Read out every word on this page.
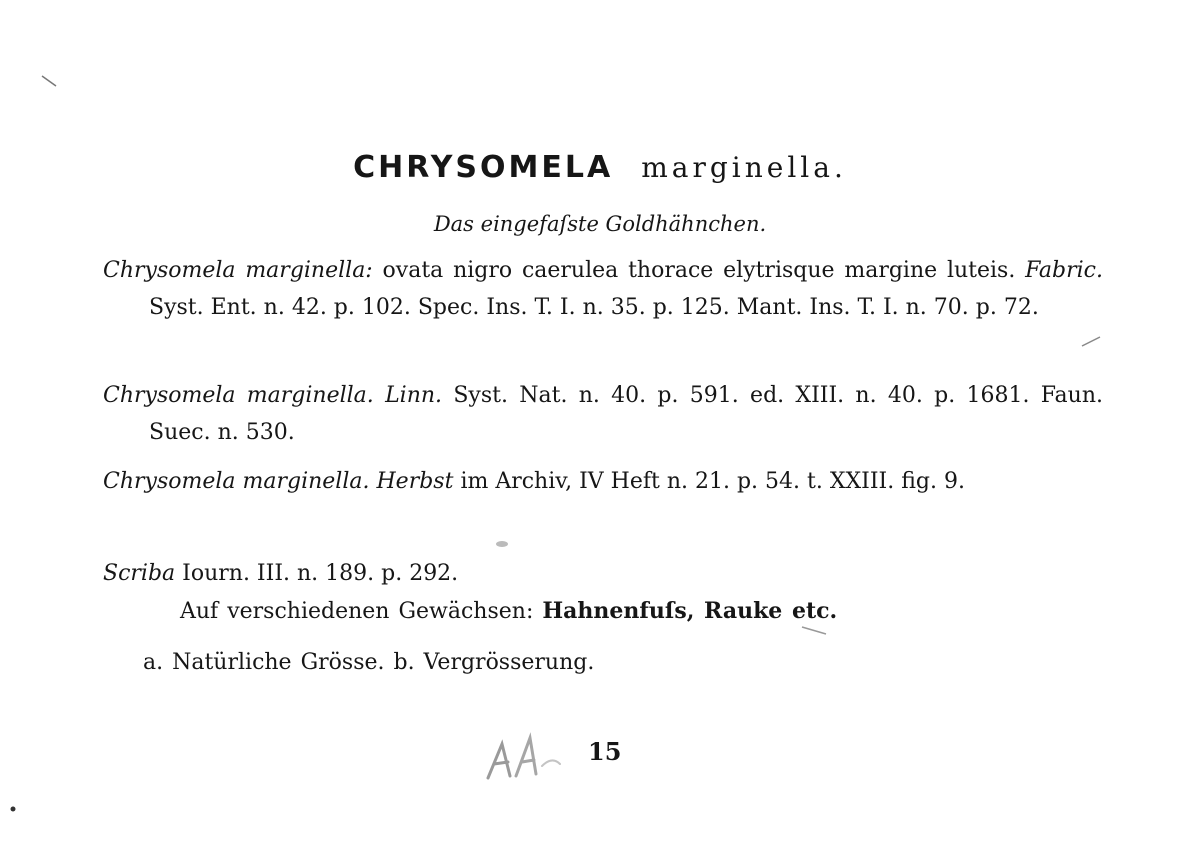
CHRYSOMELA marginella.
Das eingefaſste Goldhähnchen.

Chrysomela marginella: ovata nigro caerulea thorace elytrisque margine luteis. Fabric. Syst. Ent. n. 42. p. 102. Spec. Ins. T. I. n. 35. p. 125. Mant. Ins. T. I. n. 70. p. 72.

Chrysomela marginella. Linn. Syst. Nat. n. 40. p. 591. ed. XIII. n. 40. p. 1681. Faun. Suec. n. 530.

Chrysomela marginella. Herbst im Archiv, IV Heft n. 21. p. 54. t. XXIII. fig. 9.

Scriba Iourn. III. n. 189. p. 292.

Auf verschiedenen Gewächsen: Hahnenfuſs, Rauke etc.
a. Natürliche Grösse. b. Vergrösserung.
15
